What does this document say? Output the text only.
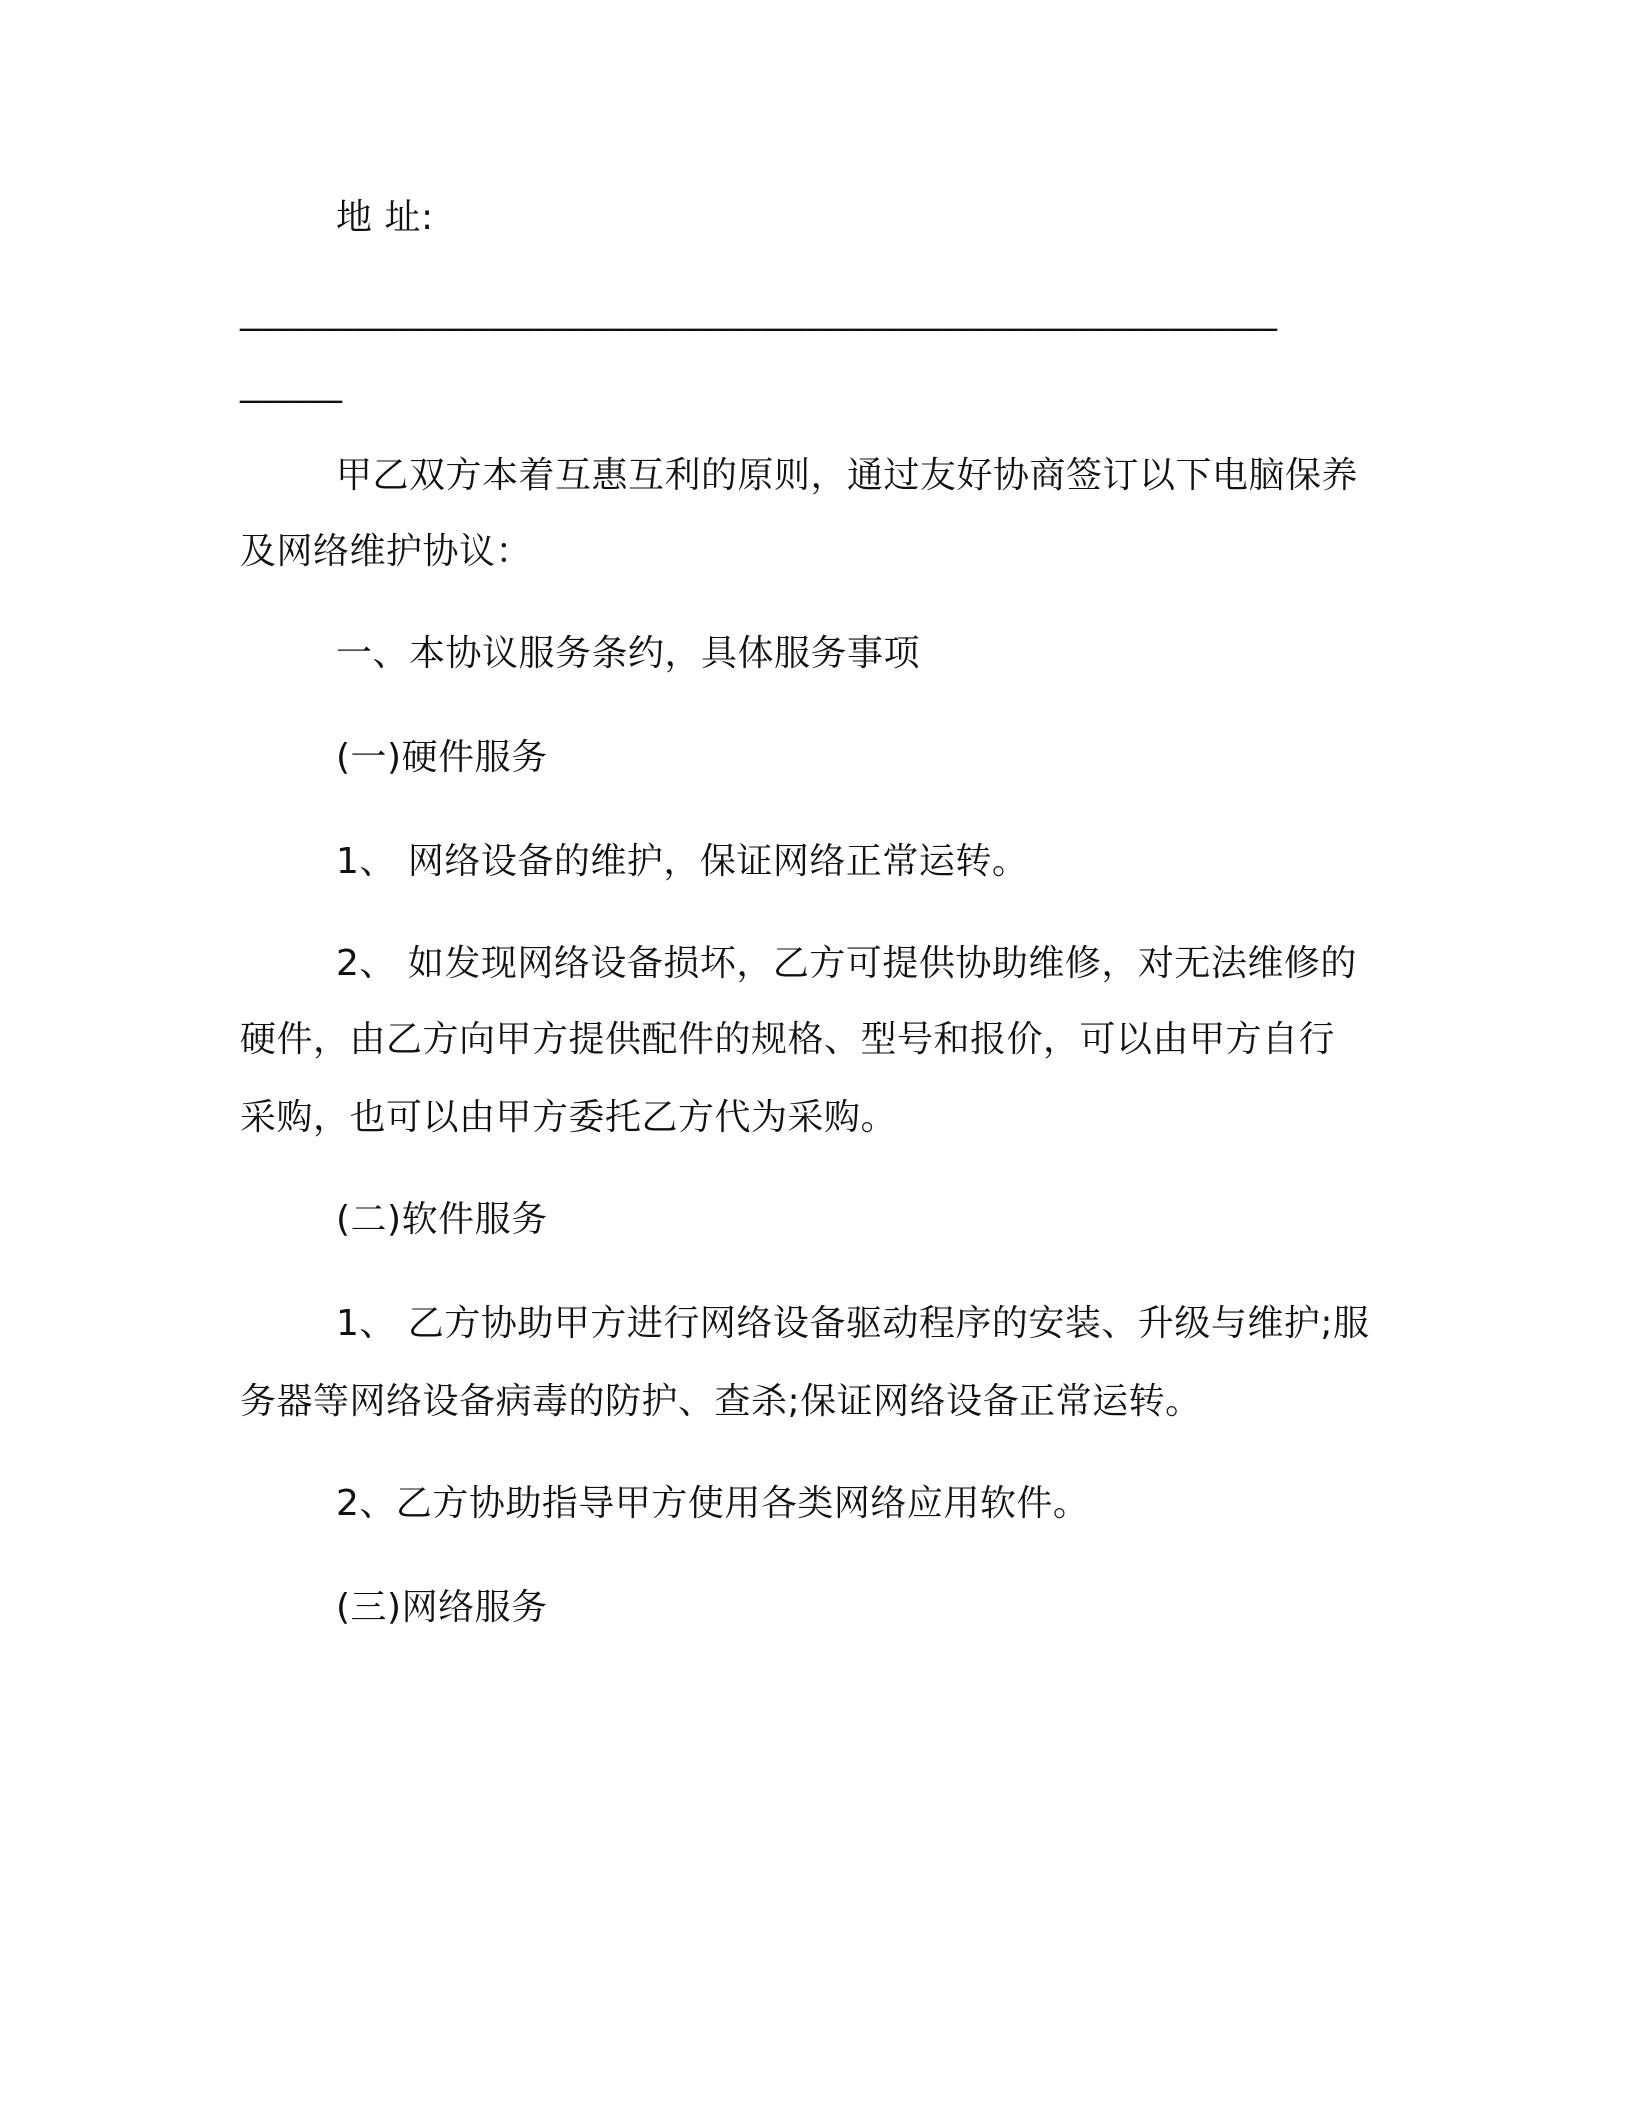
地 址:
_____________________________________________________________
______
甲乙双方本着互惠互利的原则，通过友好协商签订以下电脑保养
及网络维护协议：
一、本协议服务条约，具体服务事项
(一)硬件服务
1、 网络设备的维护，保证网络正常运转。
2、 如发现网络设备损坏，乙方可提供协助维修，对无法维修的
硬件，由乙方向甲方提供配件的规格、型号和报价，可以由甲方自行
采购，也可以由甲方委托乙方代为采购。
(二)软件服务
1、 乙方协助甲方进行网络设备驱动程序的安装、升级与维护;服
务器等网络设备病毒的防护、查杀;保证网络设备正常运转。
2、乙方协助指导甲方使用各类网络应用软件。
(三)网络服务
